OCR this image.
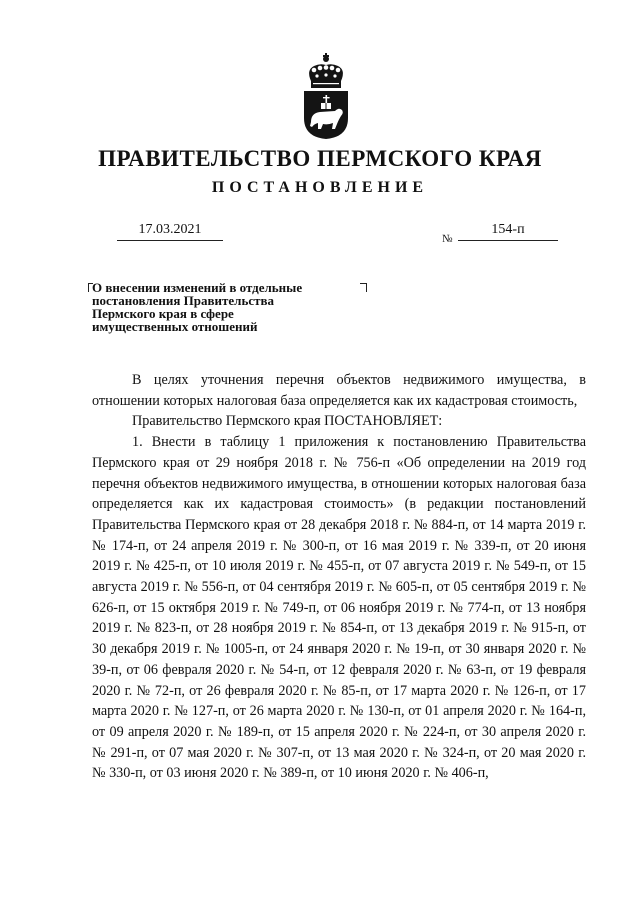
ПРАВИТЕЛЬСТВО ПЕРМСКОГО КРАЯ
ПОСТАНОВЛЕНИЕ
17.03.2021
№
154-п
О внесении изменений в отдельные
постановления Правительства
Пермского края в сфере
имущественных отношений

В целях уточнения перечня объектов недвижимого имущества, в отношении которых налоговая база определяется как их кадастровая стоимость,

Правительство Пермского края ПОСТАНОВЛЯЕТ:

1. Внести в таблицу 1 приложения к постановлению Правительства Пермского края от 29 ноября 2018 г. № 756-п «Об определении на 2019 год перечня объектов недвижимого имущества, в отношении которых налоговая база определяется как их кадастровая стоимость» (в редакции постановлений Правительства Пермского края от 28 декабря 2018 г. № 884-п, от 14 марта 2019 г. № 174-п, от 24 апреля 2019 г. № 300-п, от 16 мая 2019 г. № 339-п, от 20 июня 2019 г. № 425-п, от 10 июля 2019 г. № 455-п, от 07 августа 2019 г. № 549-п, от 15 августа 2019 г. № 556-п, от 04 сентября 2019 г. № 605-п, от 05 сентября 2019 г. № 626-п, от 15 октября 2019 г. № 749-п, от 06 ноября 2019 г. № 774-п, от 13 ноября 2019 г. № 823-п, от 28 ноября 2019 г. № 854-п, от 13 декабря 2019 г. № 915-п, от 30 декабря 2019 г. № 1005-п, от 24 января 2020 г. № 19-п, от 30 января 2020 г. № 39-п, от 06 февраля 2020 г. № 54-п, от 12 февраля 2020 г. № 63-п, от 19 февраля 2020 г. № 72-п, от 26 февраля 2020 г. № 85-п, от 17 марта 2020 г. № 126-п, от 17 марта 2020 г. № 127-п, от 26 марта 2020 г. № 130-п, от 01 апреля 2020 г. № 164-п, от 09 апреля 2020 г. № 189-п, от 15 апреля 2020 г. № 224-п, от 30 апреля 2020 г. № 291-п, от 07 мая 2020 г. № 307-п, от 13 мая 2020 г. № 324-п, от 20 мая 2020 г. № 330-п, от 03 июня 2020 г. № 389-п, от 10 июня 2020 г. № 406-п,
